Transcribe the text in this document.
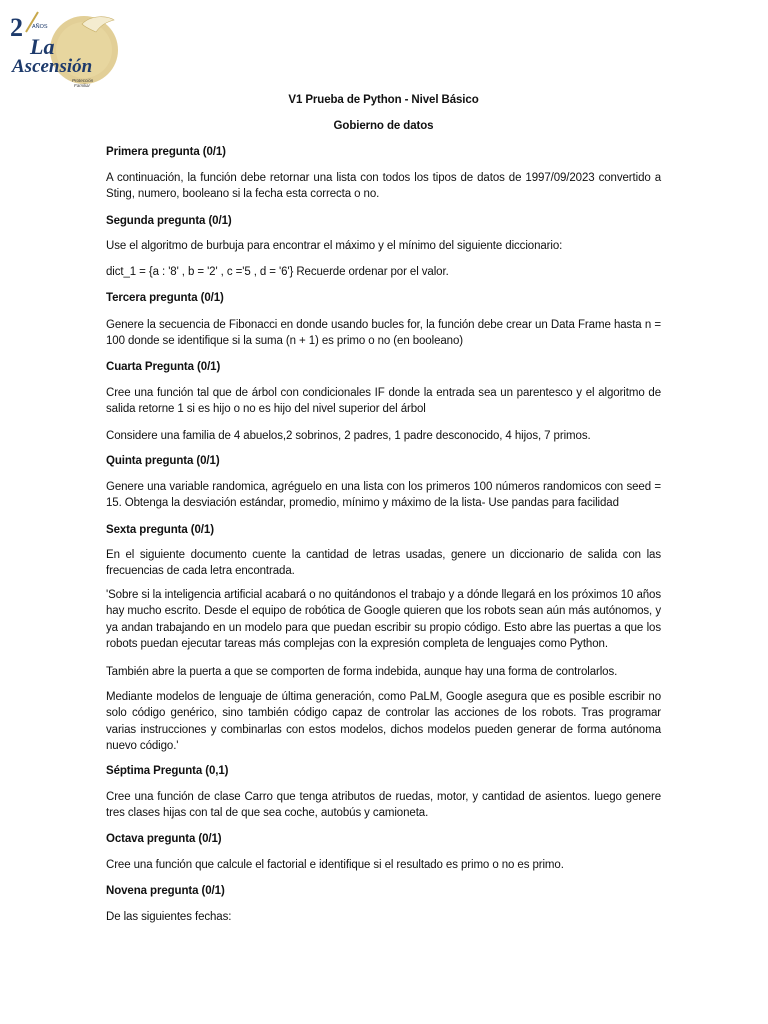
2 AÑOS
La
Ascensión
Protección
Familiar
V1 Prueba de Python - Nivel Básico
Gobierno de datos
Primera pregunta (0/1)

A continuación, la función debe retornar una lista con todos los tipos de datos de 1997/09/2023 convertido a Sting, numero, booleano si la fecha esta correcta o no.

Segunda pregunta (0/1)

Use el algoritmo de burbuja para encontrar el máximo y el mínimo del siguiente diccionario:

dict_1 = {a : '8' , b = '2' , c ='5 , d = '6'} Recuerde ordenar por el valor.

Tercera pregunta (0/1)

Genere la secuencia de Fibonacci en donde usando bucles for, la función debe crear un Data Frame hasta n = 100 donde se identifique si la suma (n + 1) es primo o no (en booleano)

Cuarta Pregunta (0/1)

Cree una función tal que de árbol con condicionales IF donde la entrada sea un parentesco y el algoritmo de salida retorne 1 si es hijo o no es hijo del nivel superior del árbol

Considere una familia de 4 abuelos,2 sobrinos, 2 padres, 1 padre desconocido, 4 hijos, 7 primos.

Quinta pregunta (0/1)

Genere una variable randomica, agréguelo en una lista con los primeros 100 números randomicos con seed = 15. Obtenga la desviación estándar, promedio, mínimo y máximo de la lista- Use pandas para facilidad

Sexta pregunta (0/1)

En el siguiente documento cuente la cantidad de letras usadas, genere un diccionario de salida con las frecuencias de cada letra encontrada.

'Sobre si la inteligencia artificial acabará o no quitándonos el trabajo y a dónde llegará en los próximos 10 años hay mucho escrito. Desde el equipo de robótica de Google quieren que los robots sean aún más autónomos, y ya andan trabajando en un modelo para que puedan escribir su propio código. Esto abre las puertas a que los robots puedan ejecutar tareas más complejas con la expresión completa de lenguajes como Python.

También abre la puerta a que se comporten de forma indebida, aunque hay una forma de controlarlos.

Mediante modelos de lenguaje de última generación, como PaLM, Google asegura que es posible escribir no solo código genérico, sino también código capaz de controlar las acciones de los robots. Tras programar varias instrucciones y combinarlas con estos modelos, dichos modelos pueden generar de forma autónoma nuevo código.'

Séptima Pregunta (0,1)

Cree una función de clase Carro que tenga atributos de ruedas, motor, y cantidad de asientos. luego genere tres clases hijas con tal de que sea coche, autobús y camioneta.

Octava pregunta (0/1)

Cree una función que calcule el factorial e identifique si el resultado es primo o no es primo.

Novena pregunta (0/1)

De las siguientes fechas:
